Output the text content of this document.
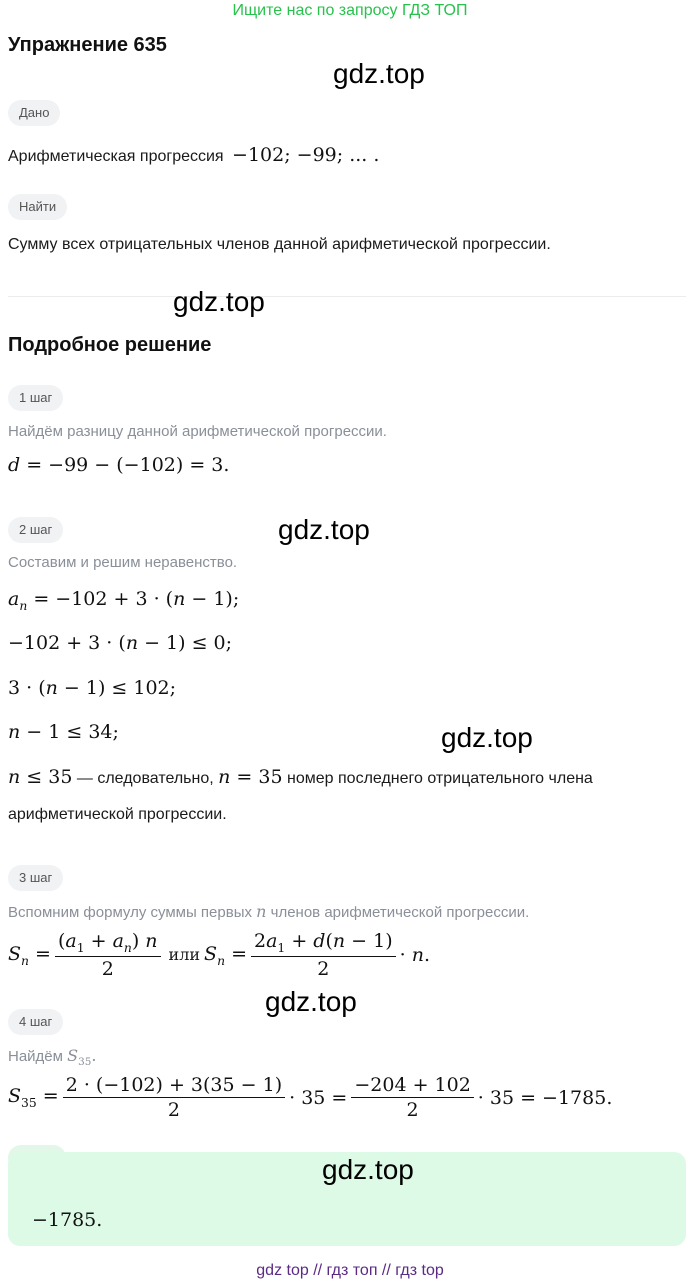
Ищите нас по запросу ГДЗ ТОП
Упражнение 635
gdz.top
Дано
Арифметическая прогрессия −102; −99; ... .
Найти
Сумму всех отрицательных членов данной арифметической прогрессии.
gdz.top
Подробное решение
1 шаг
Найдём разницу данной арифметической прогрессии.
d = −99 − (−102) = 3.
2 шаг	gdz.top
Составим и решим неравенство.
$a_n = -102 + 3 \cdot (n - 1)$;
−102 + 3 · (n − 1) ≤ 0;
3 · (n − 1) ≤ 102;
n − 1 ≤ 34;	gdz.top
n ≤ 35 — следовательно, n = 35 номер последнего отрицательного члена
арифметической прогрессии.
3 шаг
Вспомним формулу суммы первых n членов арифметической прогрессии.
$S_n = \frac{(a_1 + a_n) n}{2}$ или $S_n = \frac{2a_1 + d(n - 1)}{2} \cdot n$.
gdz.top
4 шаг
Найдём $S_{35}$.
$S_{35} = \frac{2 \cdot (-102) + 3(35 - 1)}{2} \cdot 35 = \frac{-204 + 102}{2} \cdot 35 = -1785$.
gdz.top
−1785.
gdz top // гдз топ // гдз top
